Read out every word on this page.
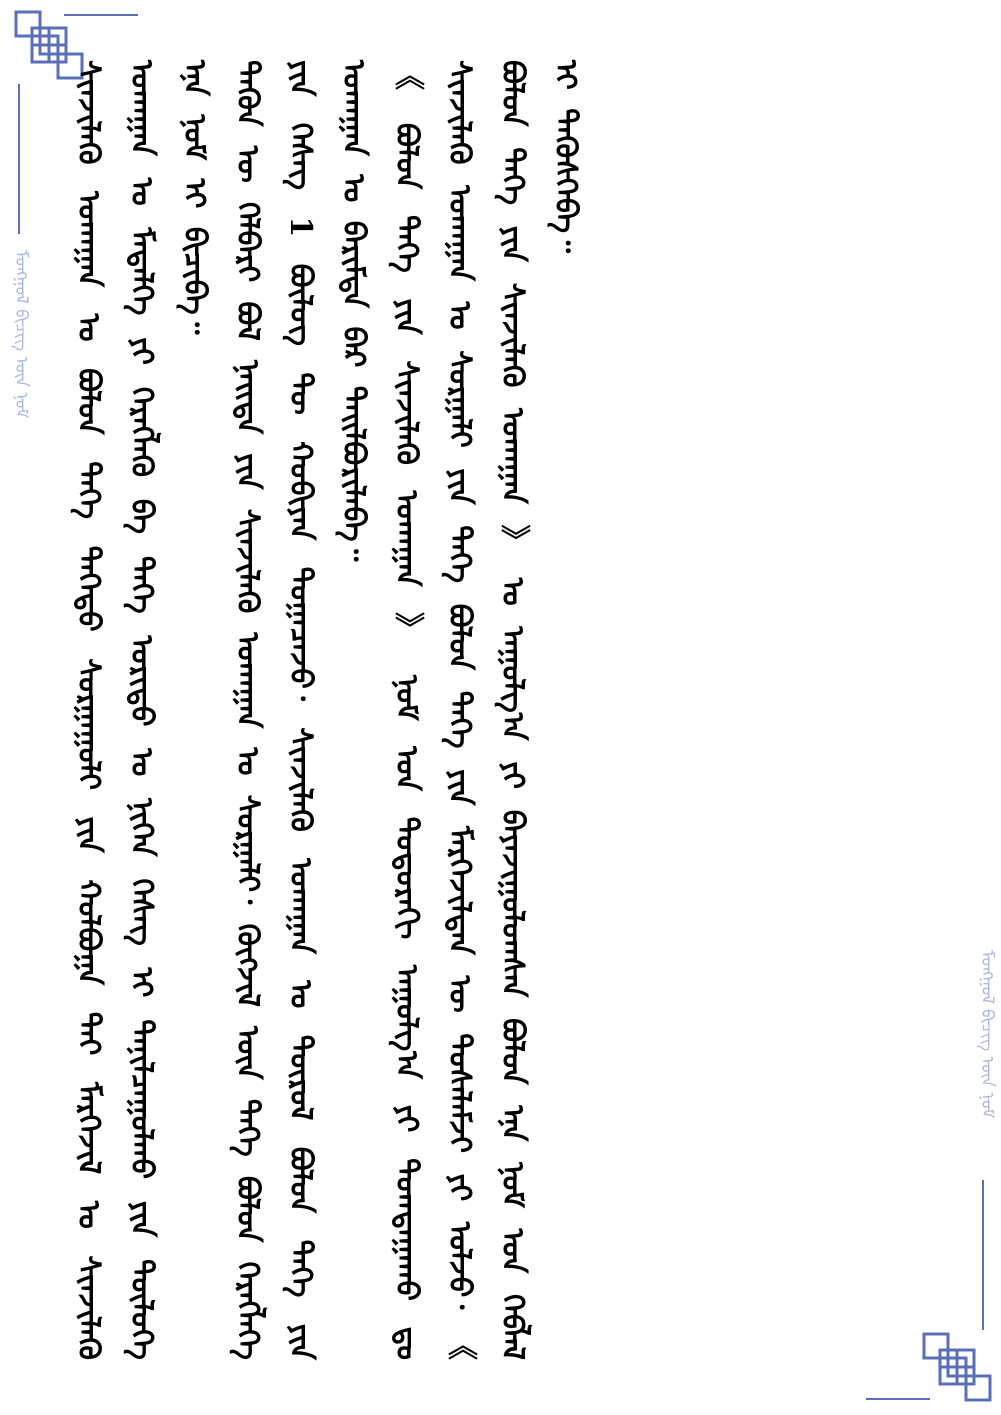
ᠮᠣᠩᠭᠣᠯ ᠪᠢᠴᠢᠭ ᠦᠨ ᠨᠣᠮ
ᠮᠣᠩᠭᠣᠯ ᠪᠢᠴᠢᠭ ᠦᠨ ᠨᠣᠮ

ᠰᠢᠨᠵᠢᠯᠡᠬᠦ ᠤᠬᠠᠭᠠᠨ ᠤ ᠪᠣᠯᠤᠨ ᠲᠡᠭᠡ ᠳᠡᠭᠡᠳᠦ ᠰᠤᠷᠭᠠᠭᠤᠯᠢ ᠶᠢᠨ ᠬᠣᠯᠪᠣᠭᠠ ᠲᠠᠢ ᠮᠡᠷᠭᠡᠵᠢᠯ ᠤ ᠰᠢᠨᠵᠢᠯᠡᠬᠦ ᠤᠬᠠᠭᠠᠨ ᠤ ᠮᠡᠳᠡᠯᠭᠡ ᠶᠢ ᠬᠡᠷᠡᠭᠯᠡᠬᠦ ᠪᠠ ᠲᠡᠭᠡ ᠤᠷᠢᠳᠤ ᠤ ᠨᠢᠭᠡᠨ ᠬᠡᠰᠡᠭ ᠢ ᠲᠠᠨᠢᠯᠴᠠᠭᠤᠯᠬᠤ ᠶᠢᠨ ᠲᠥᠯᠥᠭᠡ ᠡᠨᠡ ᠨᠣᠮ ᠢ ᠪᠢᠴᠢᠪᠡ᠃ ᠲᠡᠭᠦᠨ ᠦ ᠬᠡᠯᠪᠡᠷᠢ ᠪᠣᠯ ᠨᠡᠢᠲᠡ ᠶᠢᠨ ᠰᠢᠨᠵᠢᠯᠡᠬᠦ ᠤᠬᠠᠭᠠᠨ ᠤ ᠰᠤᠷᠭᠠᠯᠢ᠂ ᠬᠥᠭᠵᠢᠯ ᠦᠨ ᠲᠡᠭᠡ ᠪᠣᠯᠤᠨ ᠬᠡᠷᠡᠭᠯᠡᠭᠡ ᠶᠢᠨ ᠬᠡᠰᠡᠭ 1 ᠪᠦᠯᠦᠭ ᠲᠦ ᠬᠤᠪᠢᠶᠠᠨ ᠲᠣᠭᠠᠴᠠᠵᠤ᠂ ᠰᠢᠨᠵᠢᠯᠡᠬᠦ ᠤᠬᠠᠭᠠᠨ ᠤ ᠲᠦᠷᠦᠯ ᠪᠣᠯᠤᠨ ᠲᠡᠭᠡ ᠶᠢᠨ ᠤᠬᠠᠭᠠᠨ ᠤ ᠪᠠᠷᠢᠮᠲᠠ ᠪᠠᠷ ᠲᠠᠢᠯᠪᠤᠷᠢᠯᠠᠪᠠ᠃ 《 ᠪᠣᠯᠤᠨ ᠲᠡᠭᠡ ᠶᠢᠨ ᠰᠢᠨᠵᠢᠯᠡᠬᠦ ᠤᠬᠠᠭᠠᠨ 》 ᠨᠣᠮ ᠤᠨ ᠳᠣᠲᠣᠷᠠᠬᠢ ᠠᠭᠤᠯᠭ᠎ᠠ ᠶᠢ ᠲᠣᠭᠲᠠᠭᠠᠬᠤ ᠳᠤ ᠰᠢᠨᠵᠢᠯᠡᠬᠦ ᠤᠬᠠᠭᠠᠨ ᠤ ᠰᠤᠷᠭᠠᠯᠢ ᠶᠢᠨ ᠲᠡᠭᠡ ᠪᠣᠯᠤᠨ ᠲᠡᠭᠡ ᠶᠢᠨ ᠮᠡᠷᠭᠡᠵᠢᠯᠲᠡᠨ ᠦ ᠲᠤᠰᠠᠯᠠᠮᠵᠢ ᠶᠢ ᠣᠯᠵᠤ᠂ 《 ᠪᠣᠯᠤᠨ ᠲᠡᠭᠡ ᠶᠢᠨ ᠰᠢᠨᠵᠢᠯᠡᠬᠦ ᠤᠬᠠᠭᠠᠨ 》 ᠤ ᠠᠭᠤᠯᠭ᠎ᠠ ᠶᠢ ᠪᠠᠶᠠᠵᠢᠭᠤᠯᠤᠭᠰᠠᠨ ᠪᠣᠯᠤᠨ ᠡᠨᠡ ᠨᠣᠮ ᠤᠨ ᠬᠡᠪᠯᠡᠯ ᠢ ᠲᠡᠭᠦᠰᠭᠡᠪᠡ᠃
